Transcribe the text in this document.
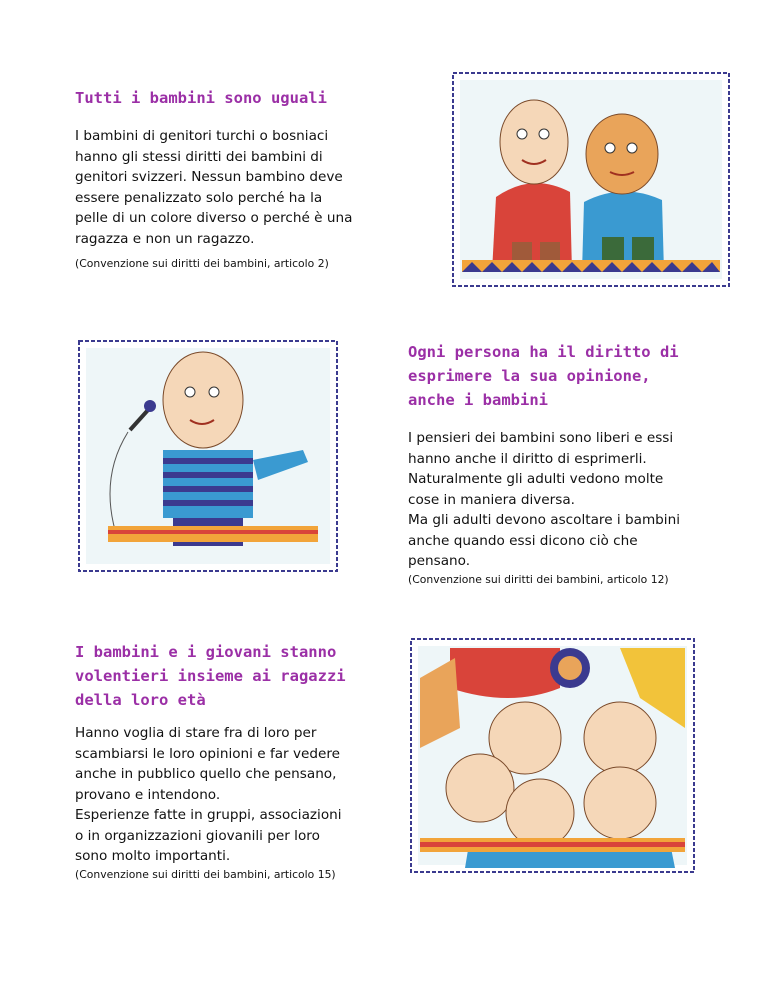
Tutti i bambini sono uguali

I bambini di genitori turchi o bosniaci
hanno gli stessi diritti dei bambini di
genitori svizzeri. Nessun bambino deve
essere penalizzato solo perché ha la
pelle di un colore diverso o perché è una
ragazza e non un ragazzo.

(Convenzione sui diritti dei bambini, articolo 2)

Ogni persona ha il diritto di
esprimere la sua opinione,
anche i bambini

I pensieri dei bambini sono liberi e essi
hanno anche il diritto di esprimerli.
Naturalmente gli adulti vedono molte
cose in maniera diversa.
Ma gli adulti devono ascoltare i bambini
anche quando essi dicono ciò che
pensano.

(Convenzione sui diritti dei bambini, articolo 12)

I bambini e i giovani stanno
volentieri insieme ai ragazzi
della loro età

Hanno voglia di stare fra di loro per
scambiarsi le loro opinioni e far vedere
anche in pubblico quello che pensano,
provano e intendono.
Esperienze fatte in gruppi, associazioni
o in organizzazioni giovanili per loro
sono molto importanti.

(Convenzione sui diritti dei bambini, articolo 15)
